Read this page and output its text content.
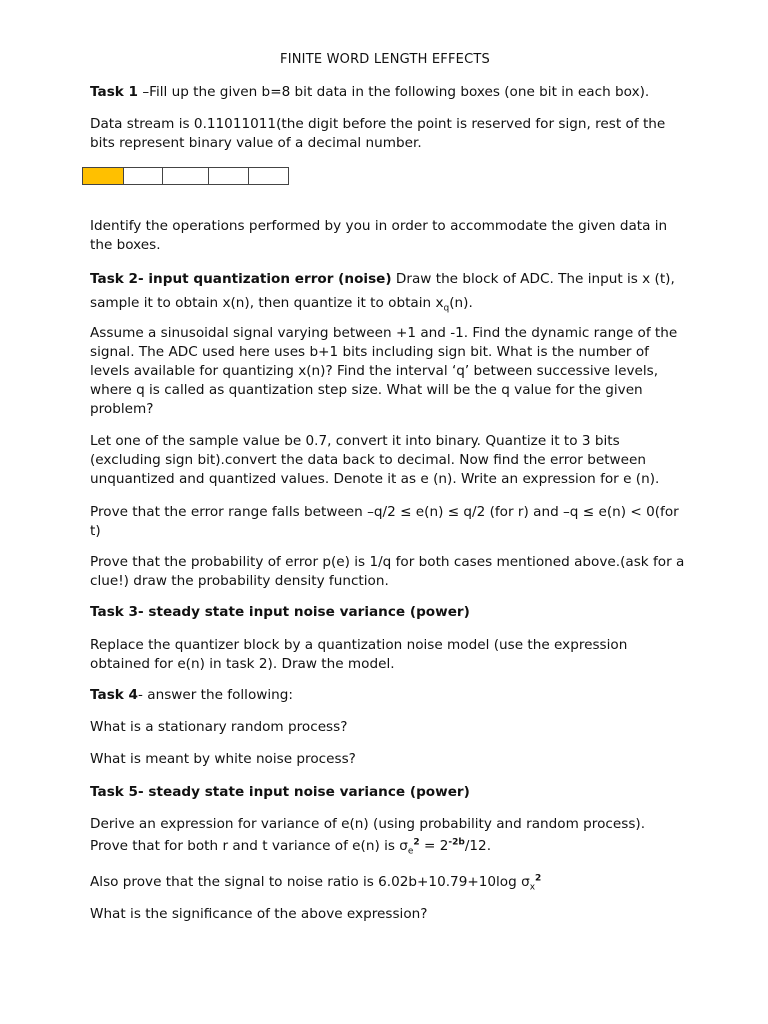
FINITE WORD LENGTH EFFECTS

Task 1 –Fill up the given b=8 bit data in the following boxes (one bit in each box).

Data stream is 0.11011011(the digit before the point is reserved for sign, rest of the bits represent binary value of a decimal number.

Identify the operations performed by you in order to accommodate the given data in the boxes.

Task 2- input quantization error (noise) Draw the block of ADC. The input is x (t), sample it to obtain x(n), then quantize it to obtain $x_q(n)$.

Assume a sinusoidal signal varying between +1 and -1. Find the dynamic range of the signal. The ADC used here uses b+1 bits including sign bit. What is the number of levels available for quantizing x(n)? Find the interval ‘q’ between successive levels, where q is called as quantization step size. What will be the q value for the given problem?

Let one of the sample value be 0.7, convert it into binary. Quantize it to 3 bits (excluding sign bit).convert the data back to decimal. Now find the error between unquantized and quantized values. Denote it as e (n). Write an expression for e (n).

Prove that the error range falls between –q/2 ≤ e(n) ≤ q/2 (for r) and –q ≤ e(n) < 0(for t)

Prove that the probability of error p(e) is 1/q for both cases mentioned above.(ask for a clue!) draw the probability density function.

Task 3- steady state input noise variance (power)

Replace the quantizer block by a quantization noise model (use the expression obtained for e(n) in task 2). Draw the model.

Task 4- answer the following:

What is a stationary random process?

What is meant by white noise process?

Task 5- steady state input noise variance (power)

Derive an expression for variance of e(n) (using probability and random process).

Prove that for both r and t variance of e(n) is $\sigma_e^2 = 2^{-2b}/12$.

Also prove that the signal to noise ratio is 6.02b+10.79+10log $\sigma_x^2$

What is the significance of the above expression?
